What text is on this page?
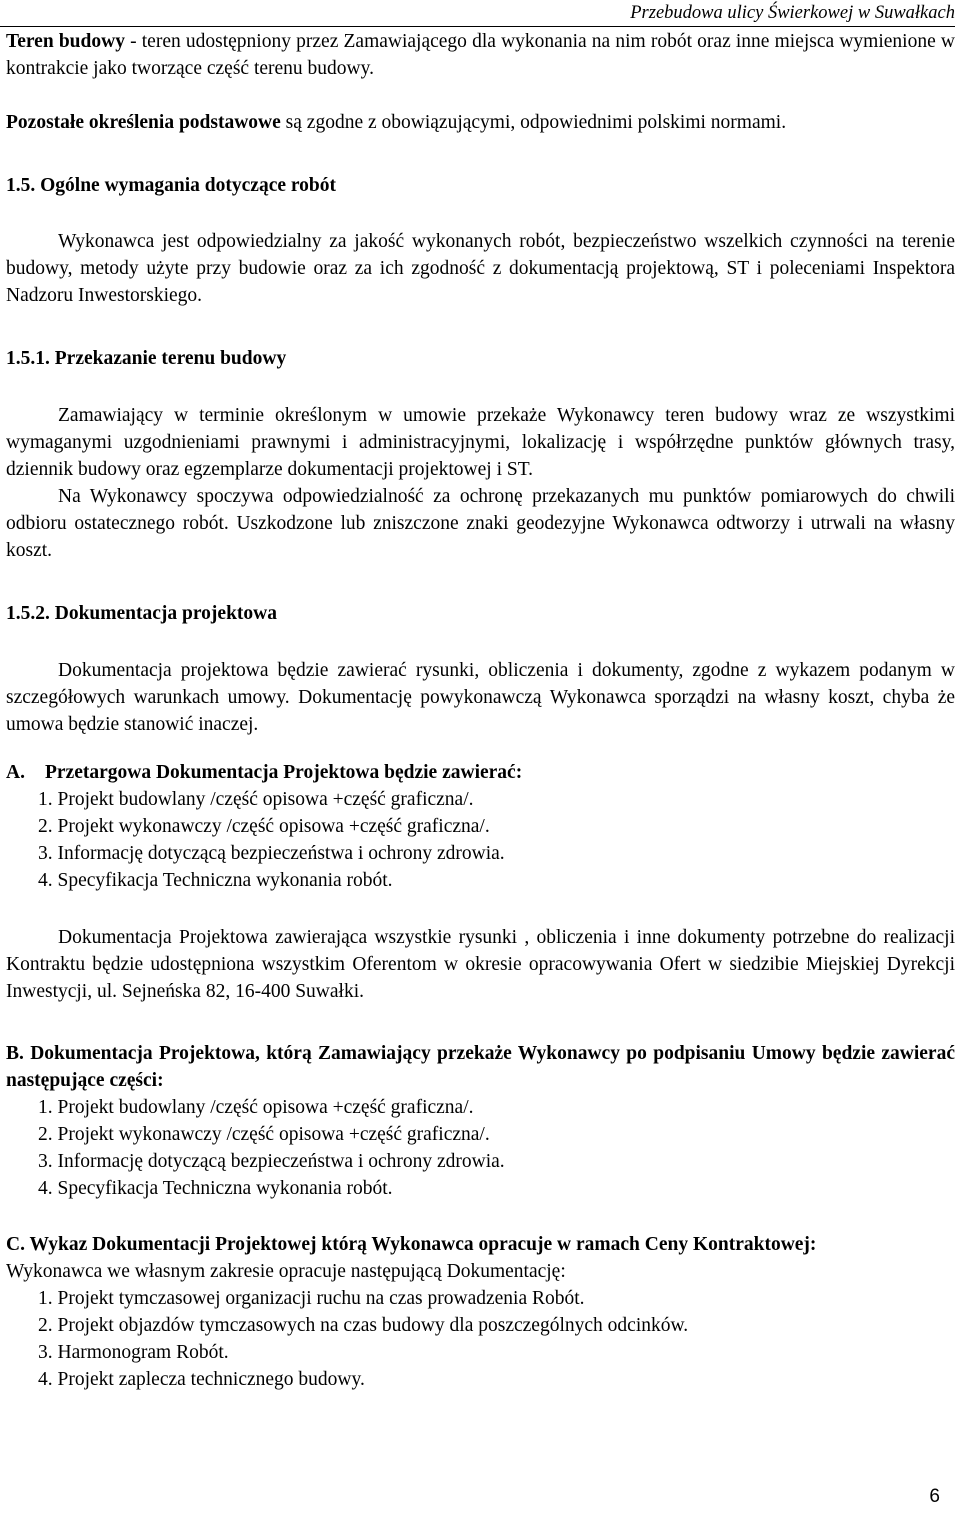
Przebudowa ulicy Świerkowej w Suwałkach

Teren budowy - teren udostępniony przez Zamawiającego dla wykonania na nim robót oraz inne miejsca wymienione w kontrakcie jako tworzące część terenu budowy.

Pozostałe określenia podstawowe są zgodne z obowiązującymi, odpowiednimi polskimi normami.

1.5. Ogólne wymagania dotyczące robót

Wykonawca jest odpowiedzialny za jakość wykonanych robót, bezpieczeństwo wszelkich czynności na terenie budowy, metody użyte przy budowie oraz za ich zgodność z dokumentacją projektową, ST i poleceniami Inspektora Nadzoru Inwestorskiego.

1.5.1. Przekazanie terenu budowy

Zamawiający w terminie określonym w umowie przekaże Wykonawcy teren budowy wraz ze wszystkimi wymaganymi uzgodnieniami prawnymi i administracyjnymi, lokalizację i współrzędne punktów głównych trasy, dziennik budowy oraz egzemplarze dokumentacji projektowej i ST.

Na Wykonawcy spoczywa odpowiedzialność za ochronę przekazanych mu punktów pomiarowych do chwili odbioru ostatecznego robót. Uszkodzone lub zniszczone znaki geodezyjne Wykonawca odtworzy i utrwali na własny koszt.

1.5.2. Dokumentacja projektowa

Dokumentacja projektowa będzie zawierać rysunki, obliczenia i dokumenty, zgodne z wykazem podanym w szczegółowych warunkach umowy. Dokumentację powykonawczą Wykonawca sporządzi na własny koszt, chyba że umowa będzie stanowić inaczej.

A. Przetargowa Dokumentacja Projektowa będzie zawierać:

1. Projekt budowlany /część opisowa +część graficzna/.
2. Projekt wykonawczy /część opisowa +część graficzna/.
3. Informację dotyczącą bezpieczeństwa i ochrony zdrowia.
4. Specyfikacja Techniczna wykonania robót.

Dokumentacja Projektowa zawierająca wszystkie rysunki , obliczenia i inne dokumenty potrzebne do realizacji Kontraktu będzie udostępniona wszystkim Oferentom w okresie opracowywania Ofert w siedzibie Miejskiej Dyrekcji Inwestycji, ul. Sejneńska 82, 16-400 Suwałki.

B. Dokumentacja Projektowa, którą Zamawiający przekaże Wykonawcy po podpisaniu Umowy będzie zawierać następujące części:

1. Projekt budowlany /część opisowa +część graficzna/.
2. Projekt wykonawczy /część opisowa +część graficzna/.
3. Informację dotyczącą bezpieczeństwa i ochrony zdrowia.
4. Specyfikacja Techniczna wykonania robót.

C. Wykaz Dokumentacji Projektowej którą Wykonawca opracuje w ramach Ceny Kontraktowej:

Wykonawca we własnym zakresie opracuje następującą Dokumentację:

1. Projekt tymczasowej organizacji ruchu na czas prowadzenia Robót.
2. Projekt objazdów tymczasowych na czas budowy dla poszczególnych odcinków.
3. Harmonogram Robót.
4. Projekt zaplecza technicznego budowy.
6
